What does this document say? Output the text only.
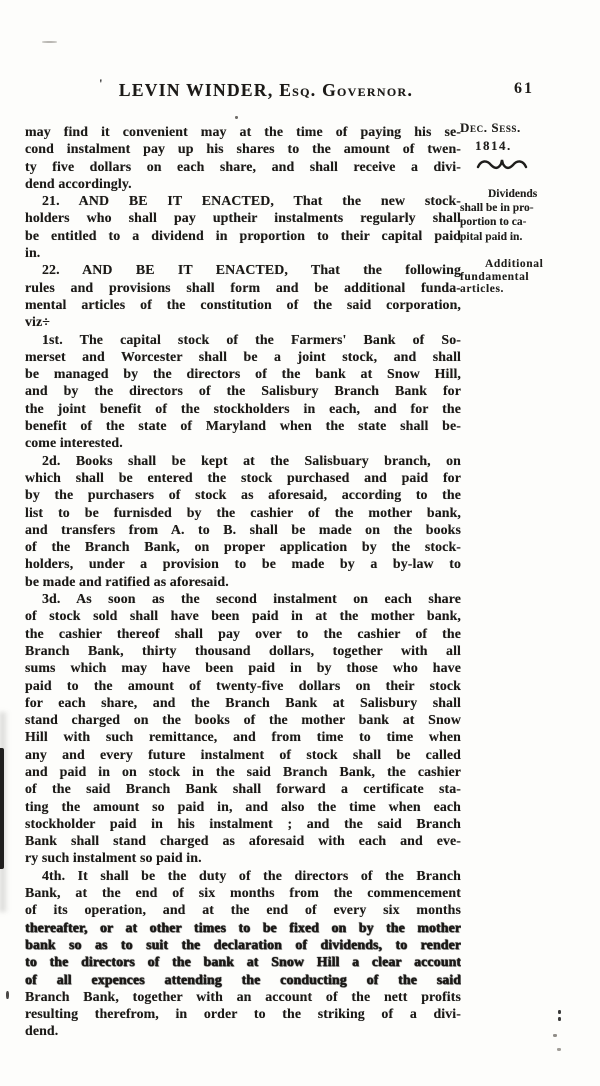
' LEVIN WINDER, Esq. Governor.	61
may find it convenient may at the time of paying his se-
cond instalment pay up his shares to the amount of twen-
ty five dollars on each share, and shall receive a divi-
dend accordingly.
21. AND BE IT ENACTED, That the new stock-
holders who shall pay uptheir instalments regularly shall
be entitled to a dividend in proportion to their capital paid
in.
22. AND BE IT ENACTED, That the following
rules and provisions shall form and be additional funda-
mental articles of the constitution of the said corporation,
viz÷
1st. The capital stock of the Farmers' Bank of So-
merset and Worcester shall be a joint stock, and shall
be managed by the directors of the bank at Snow Hill,
and by the directors of the Salisbury Branch Bank for
the joint benefit of the stockholders in each, and for the
benefit of the state of Maryland when the state shall be-
come interested.
2d. Books shall be kept at the Salisbuary branch, on
which shall be entered the stock purchased and paid for
by the purchasers of stock as aforesaid, according to the
list to be furnisded by the cashier of the mother bank,
and transfers from A. to B. shall be made on the books
of the Branch Bank, on proper application by the stock-
holders, under a provision to be made by a by-law to
be made and ratified as aforesaid.
3d. As soon as the second instalment on each share
of stock sold shall have been paid in at the mother bank,
the cashier thereof shall pay over to the cashier of the
Branch Bank, thirty thousand dollars, together with all
sums which may have been paid in by those who have
paid to the amount of twenty-five dollars on their stock
for each share, and the Branch Bank at Salisbury shall
stand charged on the books of the mother bank at Snow
Hill with such remittance, and from time to time when
any and every future instalment of stock shall be called
and paid in on stock in the said Branch Bank, the cashier
of the said Branch Bank shall forward a certificate sta-
ting the amount so paid in, and also the time when each
stockholder paid in his instalment ; and the said Branch
Bank shall stand charged as aforesaid with each and eve-
ry such instalment so paid in.
4th. It shall be the duty of the directors of the Branch
Bank, at the end of six months from the commencement
of its operation, and at the end of every six months
thereafter, or at other times to be fixed on by the mother
bank so as to suit the declaration of dividends, to render
to the directors of the bank at Snow Hill a clear account
of all expences attending the conducting of the said
Branch Bank, together with an account of the nett profits
resulting therefrom, in order to the striking of a divi-
dend.
Dec. Sess.
1814.
Dividends
shall be in pro-
portion to ca-
pital paid in.
Additional
fundamental
articles.
